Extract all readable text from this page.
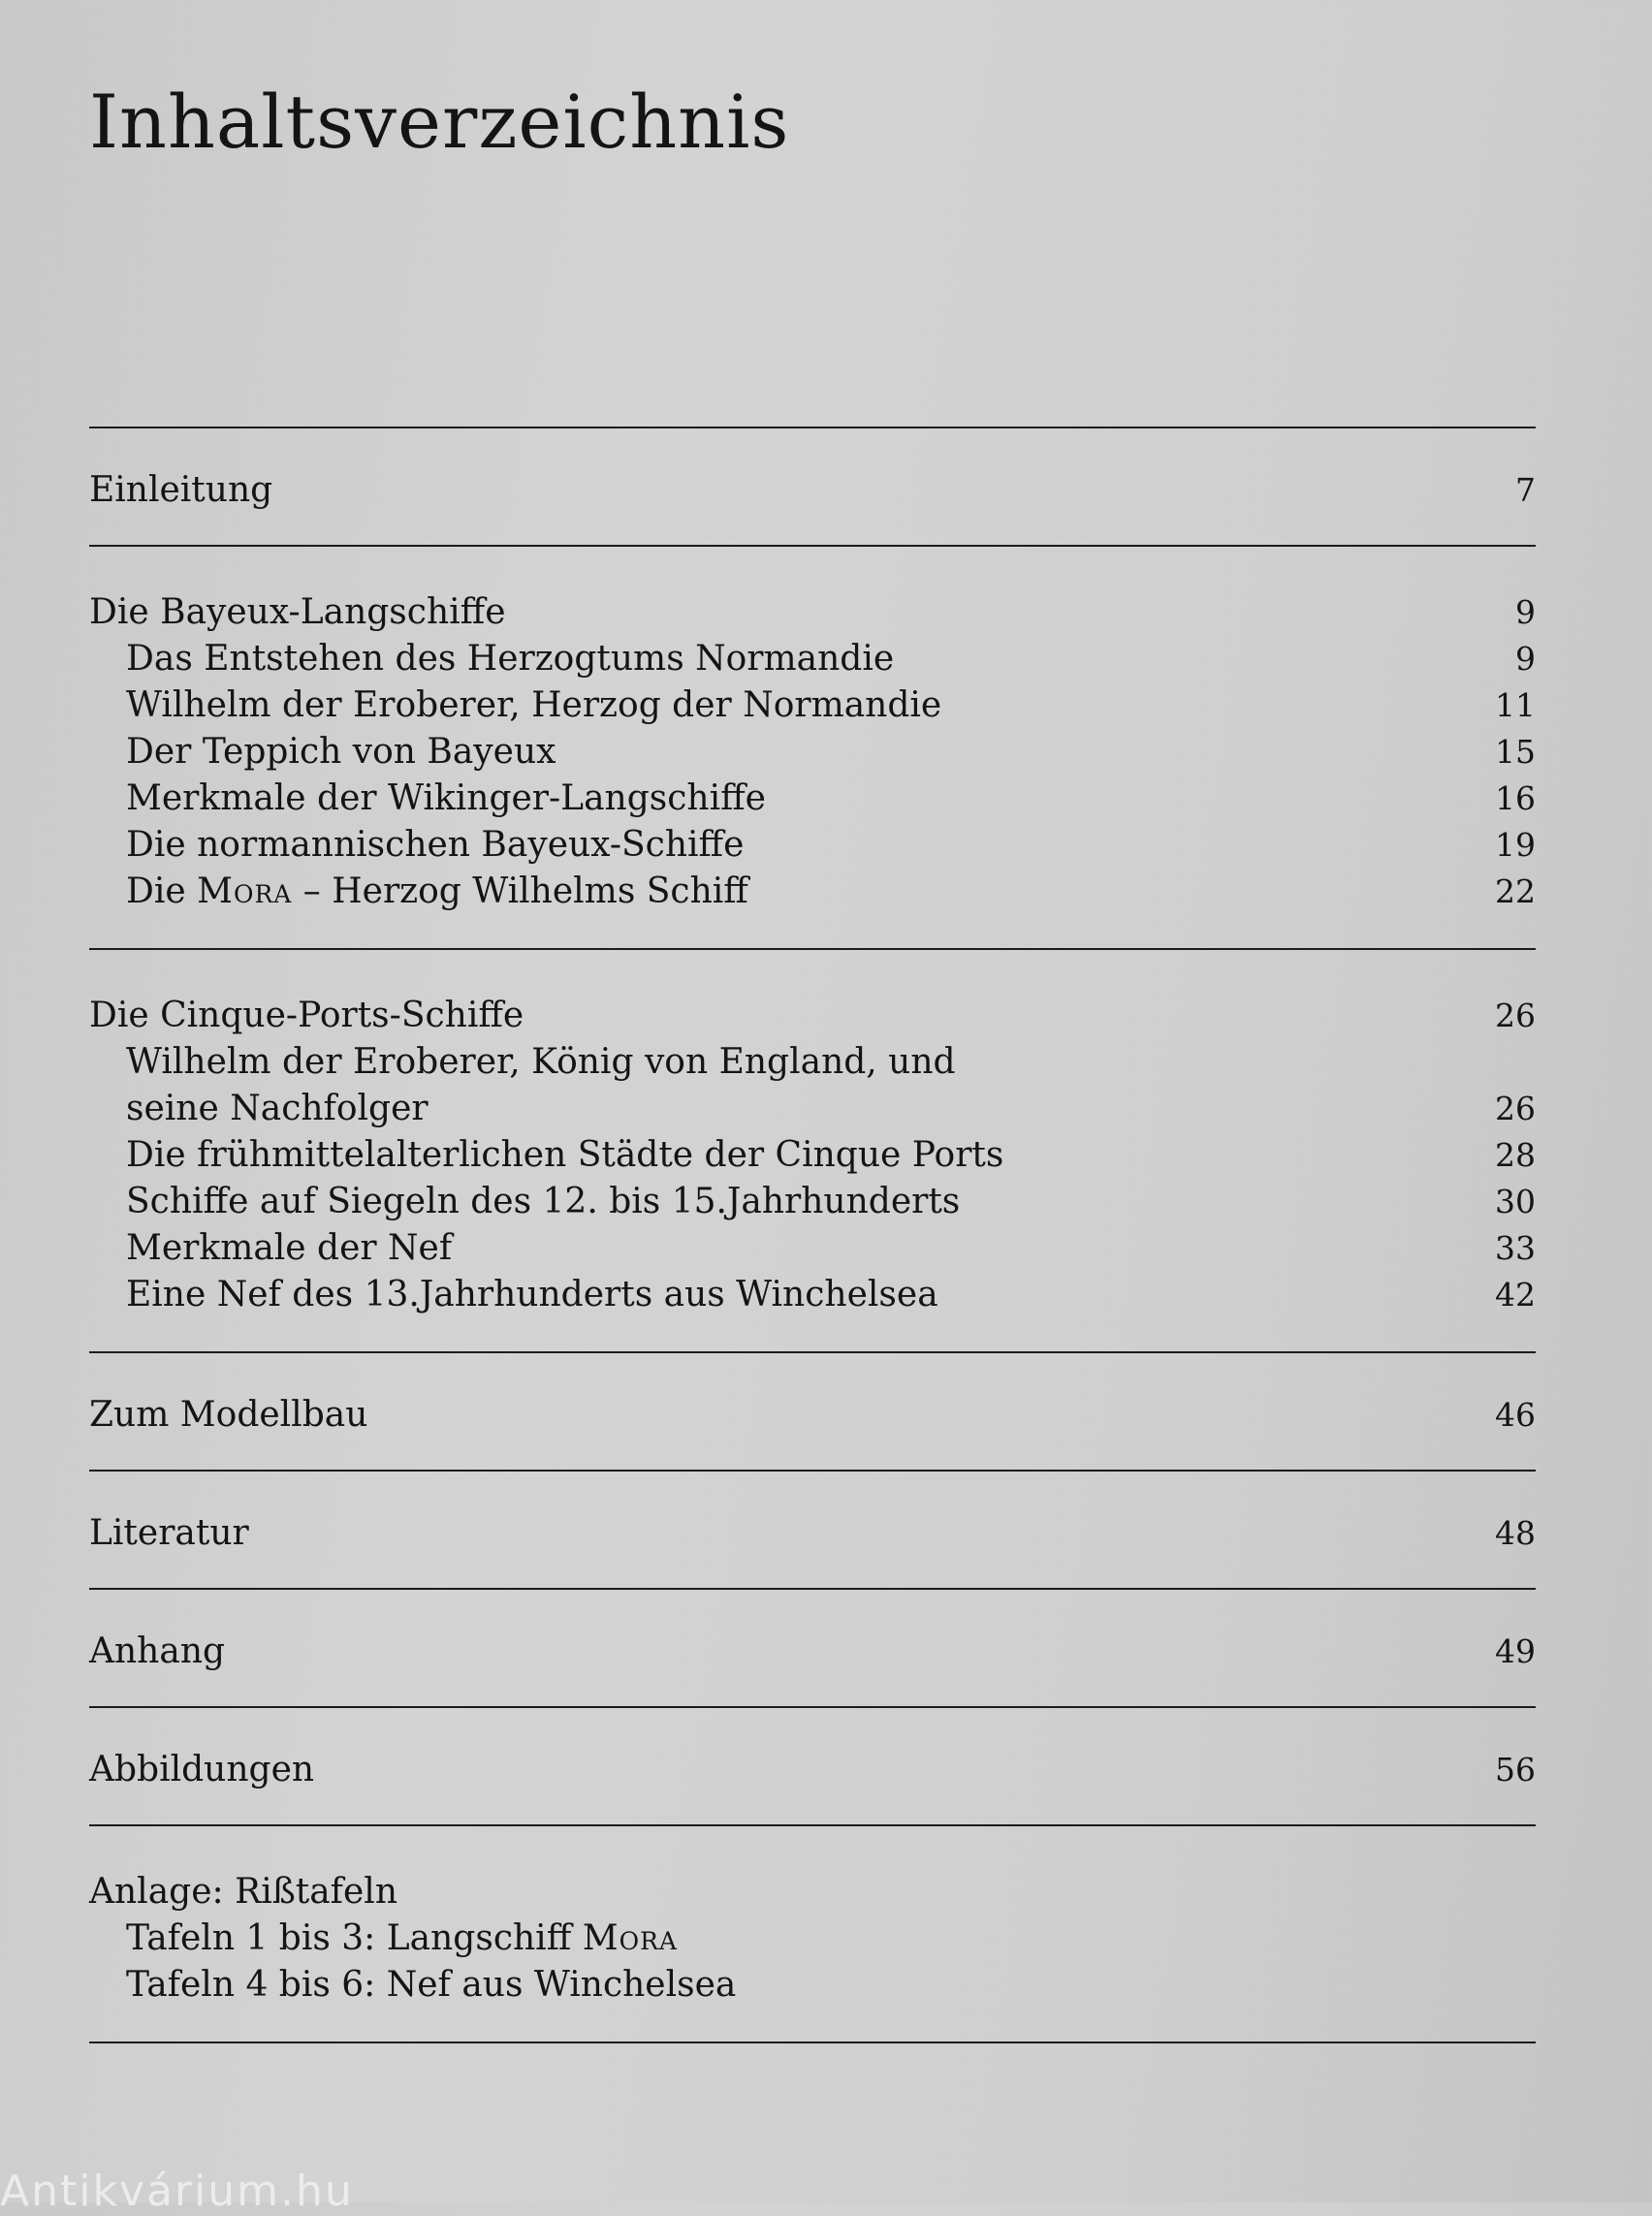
Inhaltsverzeichnis
Einleitung	7
Die Bayeux-Langschiffe	9
Das Entstehen des Herzogtums Normandie	9
Wilhelm der Eroberer, Herzog der Normandie	11
Der Teppich von Bayeux	15
Merkmale der Wikinger-Langschiffe	16
Die normannischen Bayeux-Schiffe	19
Die Mora – Herzog Wilhelms Schiff	22
Die Cinque-Ports-Schiffe	26
Wilhelm der Eroberer, König von England, und
seine Nachfolger	26
Die frühmittelalterlichen Städte der Cinque Ports	28
Schiffe auf Siegeln des 12. bis 15.Jahrhunderts	30
Merkmale der Nef	33
Eine Nef des 13.Jahrhunderts aus Winchelsea	42
Zum Modellbau	46
Literatur	48
Anhang	49
Abbildungen	56
Anlage: Rißtafeln
Tafeln 1 bis 3: Langschiff Mora
Tafeln 4 bis 6: Nef aus Winchelsea
Antikvárium.hu
